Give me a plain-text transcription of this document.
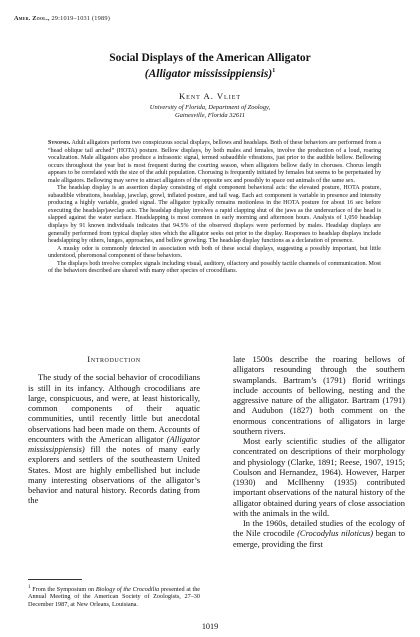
Amer. Zool., 29:1019–1031 (1989)
Social Displays of the American Alligator
(Alligator mississippiensis)$^1$
Kent A. Vliet
University of Florida, Department of Zoology,
Gainesville, Florida 32611

Synopsis. Adult alligators perform two conspicuous social displays, bellows and headslaps. Both of these behaviors are performed from a “head oblique tail arched” (HOTA) posture. Bellow displays, by both males and females, involve the production of a loud, roaring vocalization. Male alligators also produce a infrasonic signal, termed subaudible vibrations, just prior to the audible bellow. Bellowing occurs throughout the year but is most frequent during the courting season, when alligators bellow daily in choruses. Chorus length appears to be correlated with the size of the adult population. Chorusing is frequently initiated by females but seems to be perpetuated by male alligators. Bellowing may serve to attract alligators of the opposite sex and possibly to space out animals of the same sex.

The headslap display is an assertion display consisting of eight component behavioral acts: the elevated posture, HOTA posture, subaudible vibrations, headslap, jawclap, growl, inflated posture, and tail wag. Each act component is variable in presence and intensity producing a highly variable, graded signal. The alligator typically remains motionless in the HOTA posture for about 16 sec before executing the headslap/jawclap acts. The headslap display involves a rapid clapping shut of the jaws as the undersurface of the head is slapped against the water surface. Headslapping is most common in early morning and afternoon hours. Analysis of 1,050 headslap displays by 91 known individuals indicates that 94.5% of the observed displays were performed by males. Headslap displays are generally performed from typical display sites which the alligator seeks out prior to the display. Responses to headslap displays include headslapping by others, lunges, approaches, and bellow growling. The headslap display functions as a declaration of presence.

A musky odor is commonly detected in association with both of these social displays, suggesting a possibly important, but little understood, pheromonal component of these behaviors.

The displays both involve complex signals including visual, auditory, olfactory and possibly tactile channels of communication. Most of the behaviors described are shared with many other species of crocodilians.

Introduction

The study of the social behavior of crocodilians is still in its infancy. Although crocodilians are large, conspicuous, and were, at least historically, common components of their aquatic communities, until recently little but anecdotal observations had been made on them. Accounts of encounters with the American alligator (Alligator mississippiensis) fill the notes of many early explorers and settlers of the southeastern United States. Most are highly embellished but include many interesting observations of the alligator’s behavior and natural history. Records dating from the

late 1500s describe the roaring bellows of alligators resounding through the southern swamplands. Bartram’s (1791) florid writings include accounts of bellowing, nesting and the aggressive nature of the alligator. Bartram (1791) and Audubon (1827) both comment on the enormous concentrations of alligators in large southern rivers.

Most early scientific studies of the alligator concentrated on descriptions of their morphology and physiology (Clarke, 1891; Reese, 1907, 1915; Coulson and Hernandez, 1964). However, Harper (1930) and McIlhenny (1935) contributed important observations of the natural history of the alligator obtained during years of close association with the animals in the wild.

In the 1960s, detailed studies of the ecology of the Nile crocodile (Crocodylus niloticus) began to emerge, providing the first

$^1$ From the Symposium on Biology of the Crocodilia presented at the Annual Meeting of the American Society of Zoologists, 27–30 December 1987, at New Orleans, Louisiana.
1019
